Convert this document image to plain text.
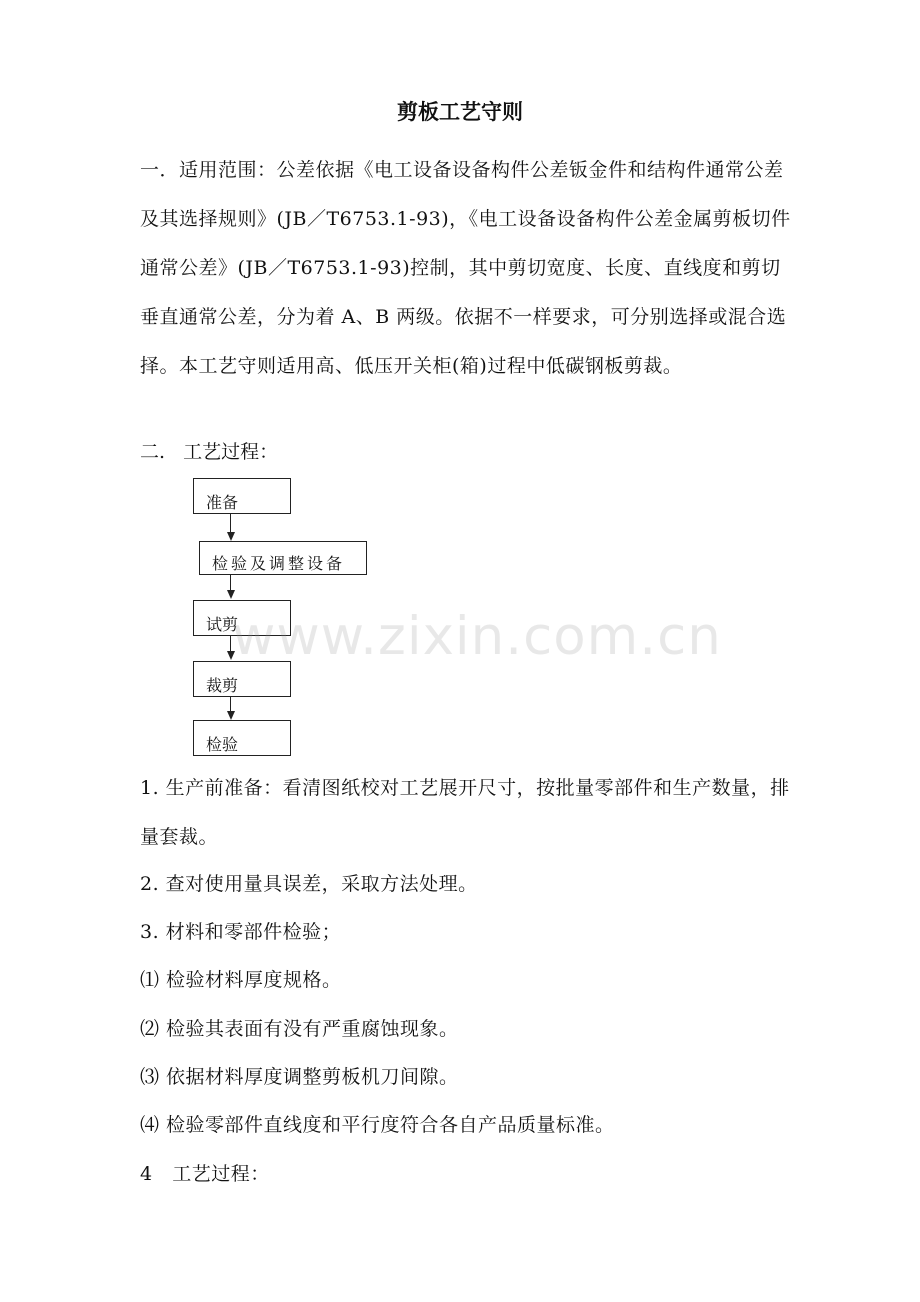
剪板工艺守则

一．适用范围：公差依据《电工设备设备构件公差钣金件和结构件通常公差及其选择规则》(JB／T6753.1-93)，《电工设备设备构件公差金属剪板切件通常公差》(JB／T6753.1-93)控制，其中剪切宽度、长度、直线度和剪切垂直通常公差，分为着 A、B 两级。依据不一样要求，可分别选择或混合选择。本工艺守则适用高、低压开关柜(箱)过程中低碳钢板剪裁。

二.   工艺过程：
准备
检验及调整设备
试剪
裁剪
检验

1. 生产前准备：看清图纸校对工艺展开尺寸，按批量零部件和生产数量，排量套裁。

2. 查对使用量具误差，采取方法处理。

3. 材料和零部件检验；

⑴ 检验材料厚度规格。

⑵ 检验其表面有没有严重腐蚀现象。

⑶ 依据材料厚度调整剪板机刀间隙。

⑷ 检验零部件直线度和平行度符合各自产品质量标准。

4   工艺过程：

www.zixin.com.cn
